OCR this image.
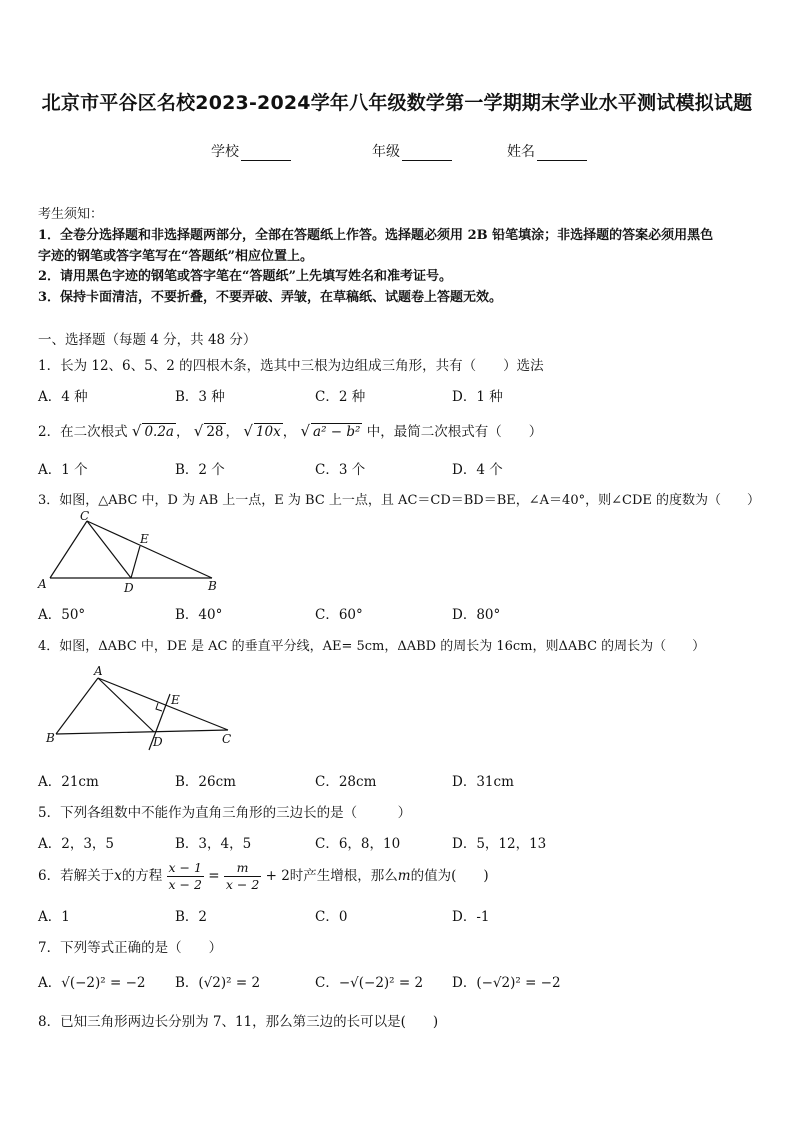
北京市平谷区名校2023-2024学年八年级数学第一学期期末学业水平测试模拟试题
学校	年级	姓名
考生须知：
1．全卷分选择题和非选择题两部分，全部在答题纸上作答。选择题必须用 2B 铅笔填涂；非选择题的答案必须用黑色
字迹的钢笔或答字笔写在“答题纸”相应位置上。
2．请用黑色字迹的钢笔或答字笔在“答题纸”上先填写姓名和准考证号。
3．保持卡面清洁，不要折叠，不要弄破、弄皱，在草稿纸、试题卷上答题无效。
一、选择题（每题 4 分，共 48 分）
1．长为 12、6、5、2 的四根木条，选其中三根为边组成三角形，共有（　　）选法
A．4 种	B．3 种	C．2 种	D．1 种
2．在二次根式 √ 0.2a ， √ 28 ， √ 10x ， √ a² − b² 中，最简二次根式有（　　）
A．1 个	B．2 个	C．3 个	D．4 个
3．如图，△ABC 中，D 为 AB 上一点，E 为 BC 上一点，且 AC＝CD＝BD＝BE，∠A＝40°，则∠CDE 的度数为（　　）
C
E
A	D	B
A．50°	B．40°	C．60°	D．80°
4．如图，ΔABC 中，DE 是 AC 的垂直平分线，AE= 5cm，ΔABD 的周长为 16cm，则ΔABC 的周长为（　　）
A
E
B	D	C
A．21cm	B．26cm	C．28cm	D．31cm
5．下列各组数中不能作为直角三角形的三边长的是（　　　）
A．2，3，5	B．3，4，5	C．6，8，10	D．5，12，13
6．若解关于x的方程 $\frac{x - 1}{x - 2} = \frac{m}{x - 2} + 2$时产生增根，那么m的值为(　　)
A．1	B．2	C．0	D．-1
7．下列等式正确的是（　　）
A．√(−2)² = −2 B．(√2)² = 2	C．−√(−2)² = 2 D．(−√2)² = −2
8．已知三角形两边长分别为 7、11，那么第三边的长可以是(　　)
